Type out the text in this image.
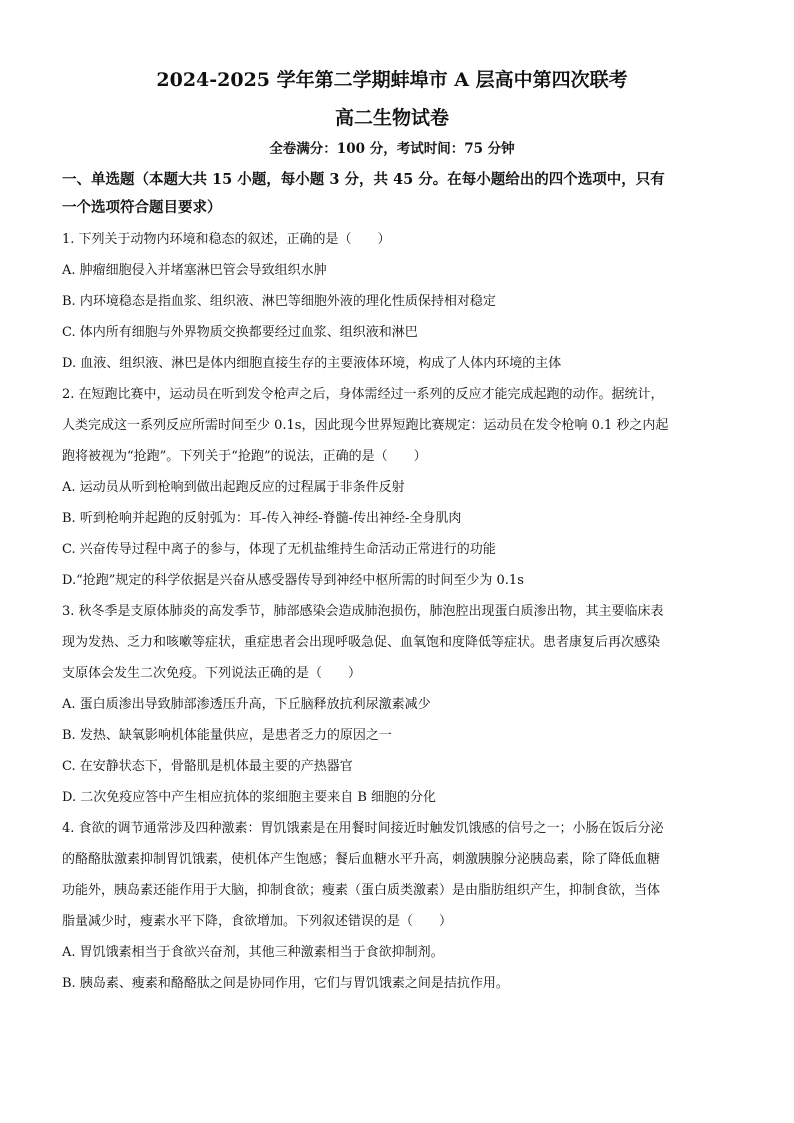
2024-2025 学年第二学期蚌埠市 A 层高中第四次联考
高二生物试卷
全卷满分：100 分，考试时间：75 分钟
一、单选题（本题大共 15 小题，每小题 3 分，共 45 分。在每小题给出的四个选项中，只有
一个选项符合题目要求）
1. 下列关于动物内环境和稳态的叙述，正确的是（　　）
A. 肿瘤细胞侵入并堵塞淋巴管会导致组织水肿
B. 内环境稳态是指血浆、组织液、淋巴等细胞外液的理化性质保持相对稳定
C. 体内所有细胞与外界物质交换都要经过血浆、组织液和淋巴
D. 血液、组织液、淋巴是体内细胞直接生存的主要液体环境，构成了人体内环境的主体
2. 在短跑比赛中，运动员在听到发令枪声之后，身体需经过一系列的反应才能完成起跑的动作。据统计，
人类完成这一系列反应所需时间至少 0.1s，因此现今世界短跑比赛规定：运动员在发令枪响 0.1 秒之内起
跑将被视为“抢跑”。下列关于“抢跑”的说法，正确的是（　　）
A. 运动员从听到枪响到做出起跑反应的过程属于非条件反射
B. 听到枪响并起跑的反射弧为：耳-传入神经-脊髓-传出神经-全身肌肉
C. 兴奋传导过程中离子的参与，体现了无机盐维持生命活动正常进行的功能
D.“抢跑”规定的科学依据是兴奋从感受器传导到神经中枢所需的时间至少为 0.1s
3. 秋冬季是支原体肺炎的高发季节，肺部感染会造成肺泡损伤，肺泡腔出现蛋白质渗出物，其主要临床表
现为发热、乏力和咳嗽等症状，重症患者会出现呼吸急促、血氧饱和度降低等症状。患者康复后再次感染
支原体会发生二次免疫。下列说法正确的是（　　）
A. 蛋白质渗出导致肺部渗透压升高，下丘脑释放抗利尿激素减少
B. 发热、缺氧影响机体能量供应，是患者乏力的原因之一
C. 在安静状态下，骨骼肌是机体最主要的产热器官
D. 二次免疫应答中产生相应抗体的浆细胞主要来自 B 细胞的分化
4. 食欲的调节通常涉及四种激素：胃饥饿素是在用餐时间接近时触发饥饿感的信号之一；小肠在饭后分泌
的酪酪肽激素抑制胃饥饿素，使机体产生饱感；餐后血糖水平升高，刺激胰腺分泌胰岛素，除了降低血糖
功能外，胰岛素还能作用于大脑，抑制食欲；瘦素（蛋白质类激素）是由脂肪组织产生，抑制食欲，当体
脂量减少时，瘦素水平下降，食欲增加。下列叙述错误的是（　　）
A. 胃饥饿素相当于食欲兴奋剂，其他三种激素相当于食欲抑制剂。
B. 胰岛素、瘦素和酪酪肽之间是协同作用，它们与胃饥饿素之间是拮抗作用。
